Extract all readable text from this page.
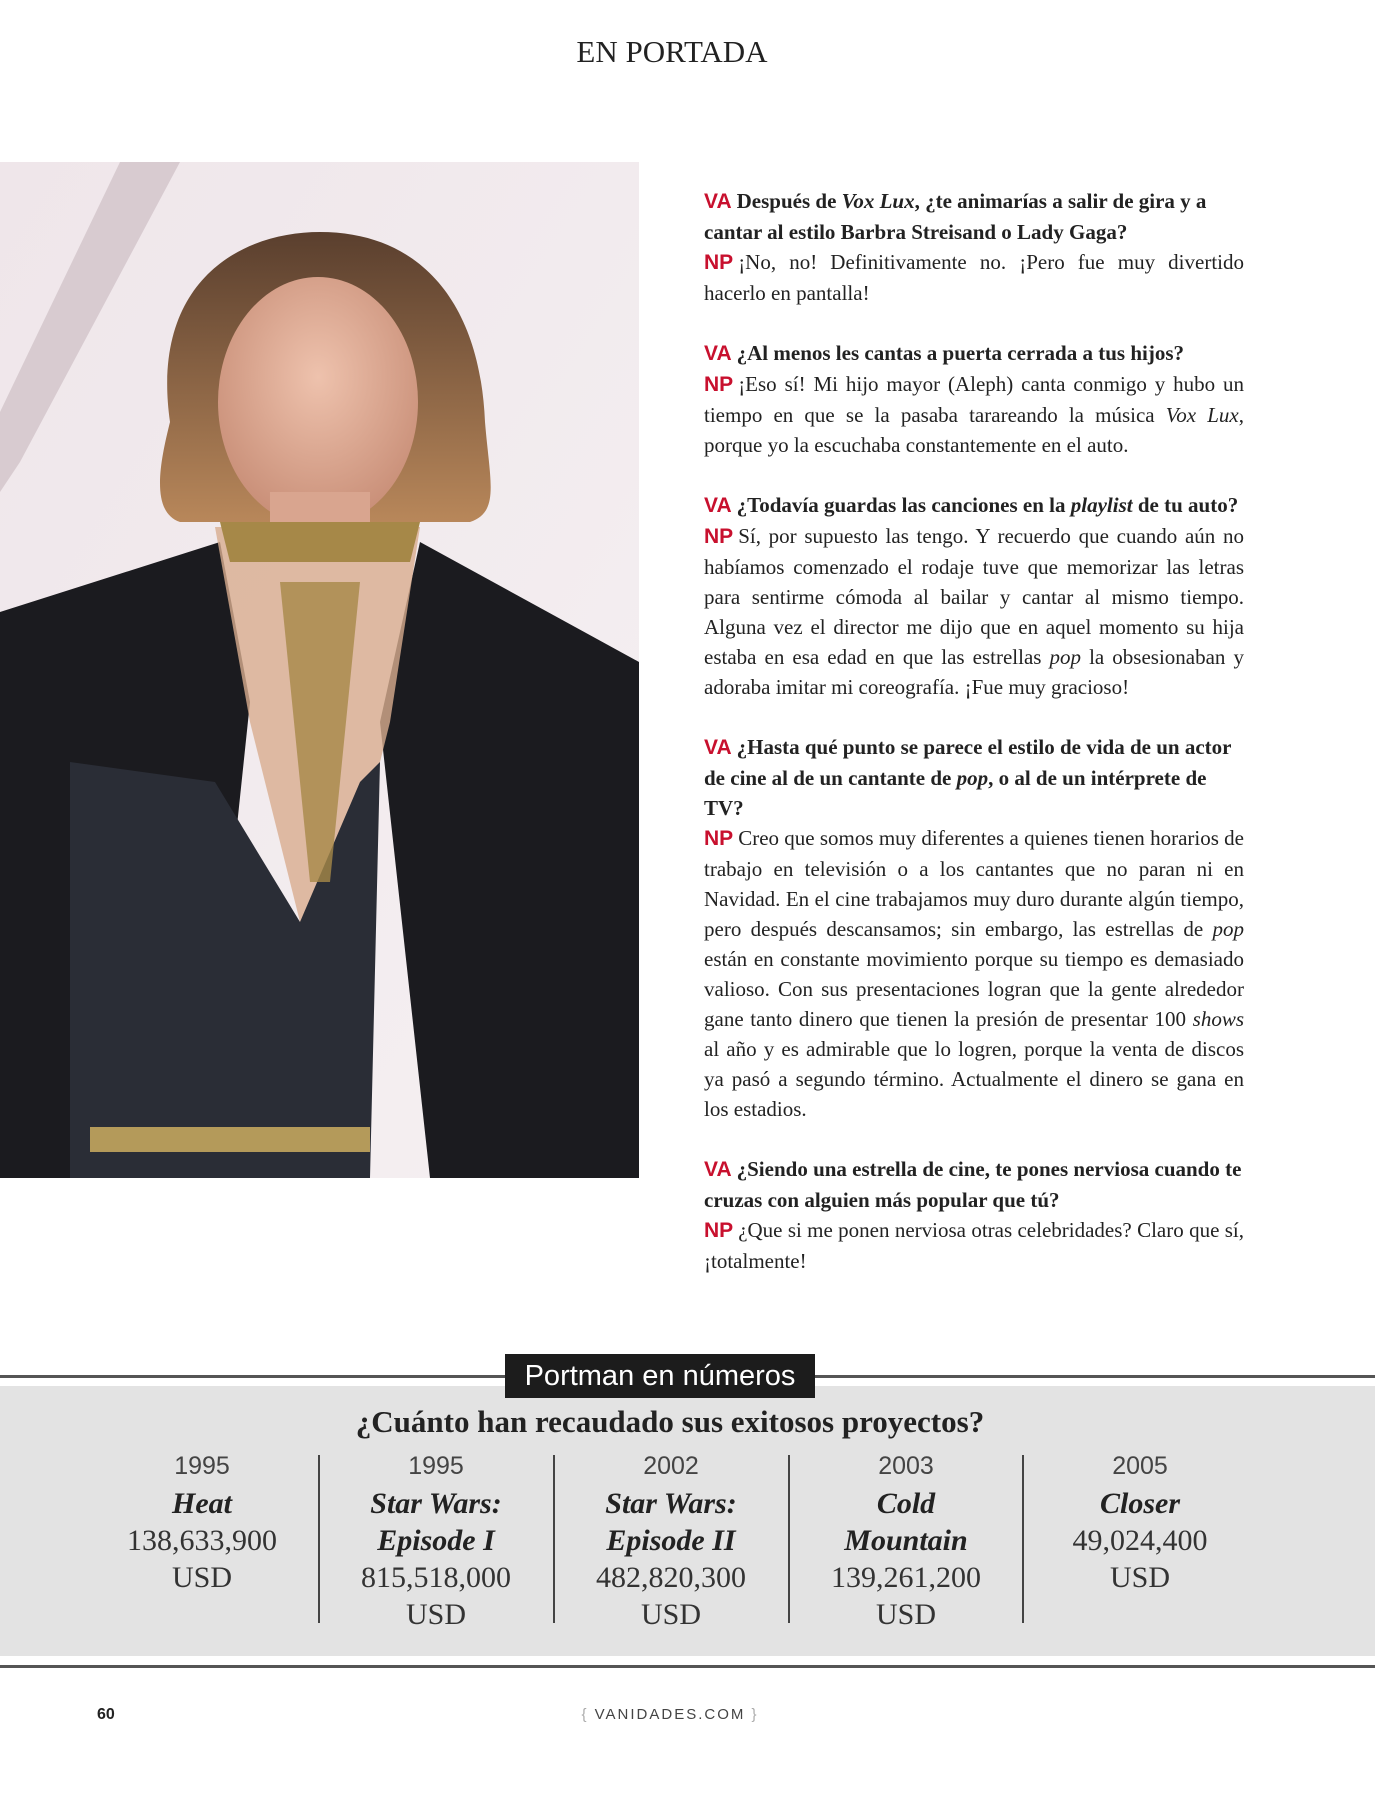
EN PORTADA

VA Después de Vox Lux, ¿te animarías a salir de gira y a cantar al estilo Barbra Streisand o Lady Gaga?

NP ¡No, no! Definitivamente no. ¡Pero fue muy divertido hacerlo en pantalla!

VA ¿Al menos les cantas a puerta cerrada a tus hijos?

NP ¡Eso sí! Mi hijo mayor (Aleph) canta conmigo y hubo un tiempo en que se la pasaba tarareando la música Vox Lux, porque yo la escuchaba constantemente en el auto.

VA ¿Todavía guardas las canciones en la playlist de tu auto?

NP Sí, por supuesto las tengo. Y recuerdo que cuando aún no habíamos comenzado el rodaje tuve que memorizar las letras para sentirme cómoda al bailar y cantar al mismo tiempo. Alguna vez el director me dijo que en aquel momento su hija estaba en esa edad en que las estrellas pop la obsesionaban y adoraba imitar mi coreografía. ¡Fue muy gracioso!

VA ¿Hasta qué punto se parece el estilo de vida de un actor de cine al de un cantante de pop, o al de un intérprete de TV?

NP Creo que somos muy diferentes a quienes tienen horarios de trabajo en televisión o a los cantantes que no paran ni en Navidad. En el cine trabajamos muy duro durante algún tiempo, pero después descansamos; sin embargo, las estrellas de pop están en constante movimiento porque su tiempo es demasiado valioso. Con sus presentaciones logran que la gente alrededor gane tanto dinero que tienen la presión de presentar 100 shows al año y es admirable que lo logren, porque la venta de discos ya pasó a segundo término. Actualmente el dinero se gana en los estadios.

VA ¿Siendo una estrella de cine, te pones nerviosa cuando te cruzas con alguien más popular que tú?

NP ¿Que si me ponen nerviosa otras celebridades? Claro que sí, ¡totalmente!

Portman en números
¿Cuánto han recaudado sus exitosos proyectos?
1995
Heat
138,633,900
USD
1995
Star Wars: Episode I
815,518,000
USD
2002
Star Wars: Episode II
482,820,300
USD
2003
Cold Mountain
139,261,200
USD
2005
Closer
49,024,400
USD
60	{ VANIDADES.COM }
